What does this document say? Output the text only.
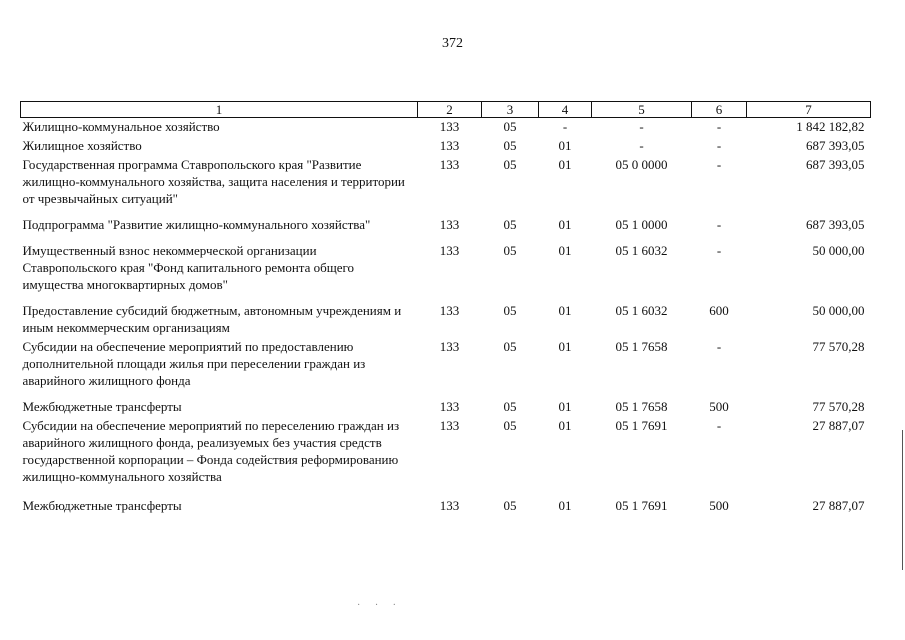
372
1	2	3	4	5	6	7
Жилищно-коммунальное хозяйство	133	05	-	-	-	1 842 182,82
Жилищное хозяйство	133	05	01	-	-	687 393,05
Государственная программа Ставропольского края "Развитие жилищно-коммунального хозяйства, защита населения и территории от чрезвычайных ситуаций"	133	05	01	05 0 0000	-	687 393,05
Подпрограмма "Развитие жилищно-коммунального хозяйства"	133	05	01	05 1 0000	-	687 393,05
Имущественный взнос некоммерческой организации Ставропольского края "Фонд капитального ремонта общего имущества многоквартирных домов"	133	05	01	05 1 6032	-	50 000,00
Предоставление субсидий бюджетным, автономным учреждениям и иным некоммерческим организациям	133	05	01	05 1 6032	600	50 000,00
Субсидии на обеспечение мероприятий по предоставлению дополнительной площади жилья при переселении граждан из аварийного жилищного фонда	133	05	01	05 1 7658	-	77 570,28
Межбюджетные трансферты	133	05	01	05 1 7658	500	77 570,28
Субсидии на обеспечение мероприятий по переселению граждан из аварийного жилищного фонда, реализуемых без участия средств государственной корпорации – Фонда содействия реформированию жилищно-коммунального хозяйства	133	05	01	05 1 7691	-	27 887,07
Межбюджетные трансферты	133	05	01	05 1 7691	500	27 887,07
· · ·
